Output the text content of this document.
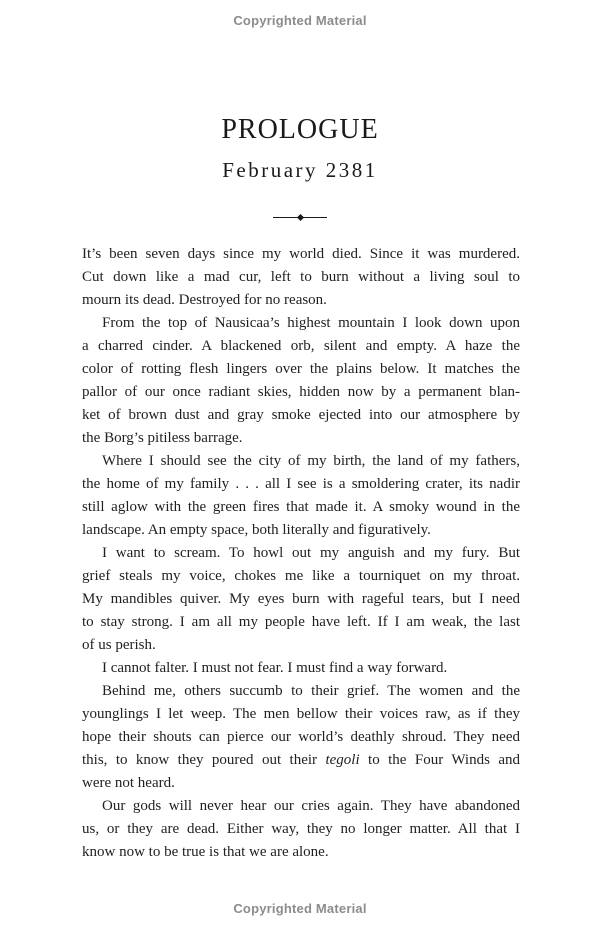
Copyrighted Material
PROLOGUE
February 2381
It’s been seven days since my world died. Since it was murdered.
Cut down like a mad cur, left to burn without a living soul to
mourn its dead. Destroyed for no reason.
From the top of Nausicaa’s highest mountain I look down upon
a charred cinder. A blackened orb, silent and empty. A haze the
color of rotting flesh lingers over the plains below. It matches the
pallor of our once radiant skies, hidden now by a permanent blan-
ket of brown dust and gray smoke ejected into our atmosphere by
the Borg’s pitiless barrage.
Where I should see the city of my birth, the land of my fathers,
the home of my family . . . all I see is a smoldering crater, its nadir
still aglow with the green fires that made it. A smoky wound in the
landscape. An empty space, both literally and figuratively.
I want to scream. To howl out my anguish and my fury. But
grief steals my voice, chokes me like a tourniquet on my throat.
My mandibles quiver. My eyes burn with rageful tears, but I need
to stay strong. I am all my people have left. If I am weak, the last
of us perish.
I cannot falter. I must not fear. I must find a way forward.
Behind me, others succumb to their grief. The women and the
younglings I let weep. The men bellow their voices raw, as if they
hope their shouts can pierce our world’s deathly shroud. They need
this, to know they poured out their tegoli to the Four Winds and
were not heard.
Our gods will never hear our cries again. They have abandoned
us, or they are dead. Either way, they no longer matter. All that I
know now to be true is that we are alone.
Copyrighted Material
